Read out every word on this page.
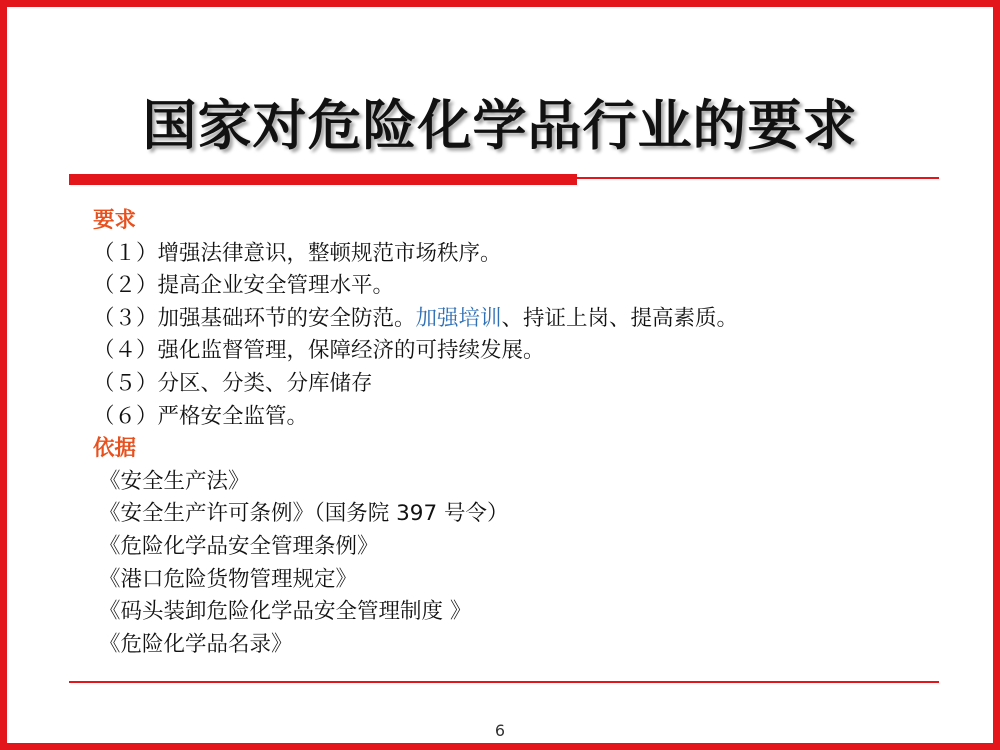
国家对危险化学品行业的要求
要求
（１）增强法律意识，整顿规范市场秩序。
（２）提高企业安全管理水平。
（３）加强基础环节的安全防范。加强培训、持证上岗、提高素质。
（４）强化监督管理，保障经济的可持续发展。
（５）分区、分类、分库储存
（６）严格安全监管。
依据
《安全生产法》
《安全生产许可条例》（国务院 397 号令）
《危险化学品安全管理条例》
《港口危险货物管理规定》
《码头装卸危险化学品安全管理制度 》
《危险化学品名录》
6
